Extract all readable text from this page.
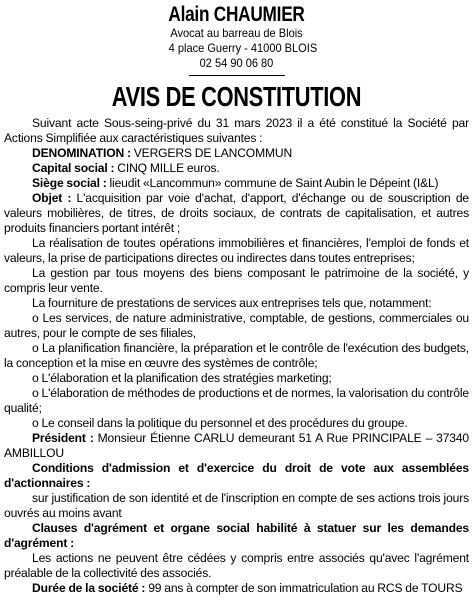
Alain CHAUMIER
Avocat au barreau de Blois
4 place Guerry - 41000 BLOIS
02 54 90 06 80
AVIS DE CONSTITUTION

Suivant acte Sous-seing-privé du 31 mars 2023 il a été constitué la Société par Actions Simplifiée aux caractéristiques suivantes :

DENOMINATION : VERGERS DE LANCOMMUN

Capital social : CINQ MILLE euros.

Siège social : lieudit «Lancommun» commune de Saint Aubin le Dépeint (I&L)

Objet : L'acquisition par voie d'achat, d'apport, d'échange ou de souscription de valeurs mobilières, de titres, de droits sociaux, de contrats de capitalisation, et autres produits financiers portant intérêt ;

La réalisation de toutes opérations immobilières et financières, l'emploi de fonds et valeurs, la prise de participations directes ou indirectes dans toutes entreprises;

La gestion par tous moyens des biens composant le patrimoine de la société, y compris leur vente.

La fourniture de prestations de services aux entreprises tels que, notamment:

o Les services, de nature administrative, comptable, de gestions, commerciales ou autres, pour le compte de ses filiales,

o La planification financière, la préparation et le contrôle de l'exécution des budgets, la conception et la mise en œuvre des systèmes de contrôle;

o L'élaboration et la planification des stratégies marketing;

o L'élaboration de méthodes de productions et de normes, la valorisation du contrôle qualité;

o Le conseil dans la politique du personnel et des procédures du groupe.

Président : Monsieur Étienne CARLU demeurant 51 A Rue PRINCIPALE – 37340 AMBILLOU

Conditions d'admission et d'exercice du droit de vote aux assemblées d'actionnaires :

sur justification de son identité et de l'inscription en compte de ses actions trois jours ouvrés au moins avant

Clauses d'agrément et organe social habilité à statuer sur les demandes d'agrément :

Les actions ne peuvent être cédées y compris entre associés qu'avec l'agrément préalable de la collectivité des associés.

Durée de la société : 99 ans à compter de son immatriculation au RCS de TOURS
